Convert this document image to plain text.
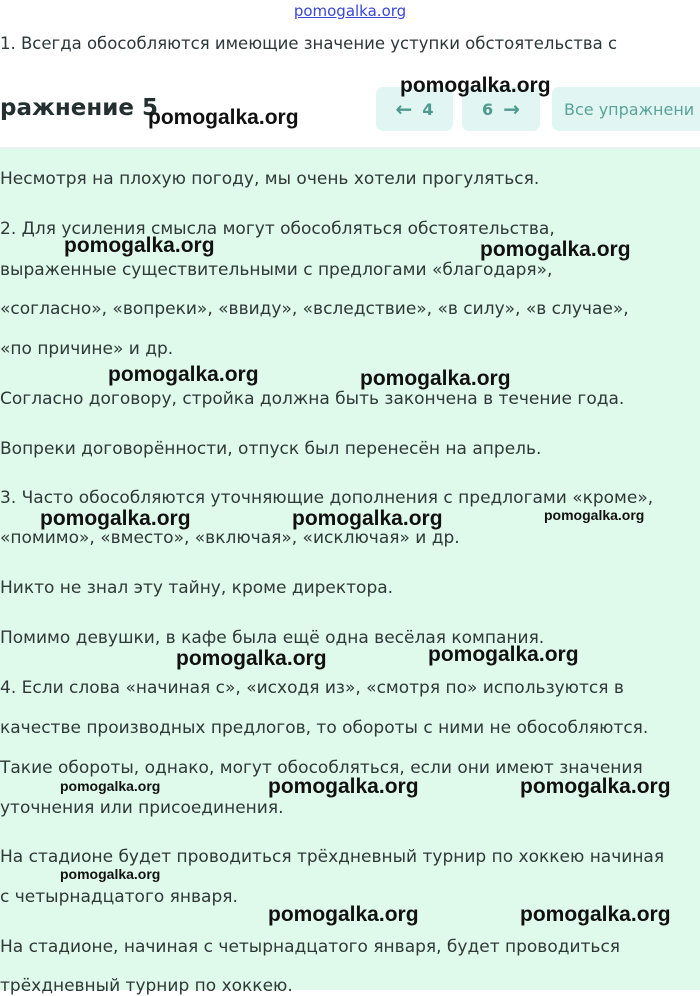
pomogalka.org
1. Всегда обособляются имеющие значение уступки обстоятельства с
ражнение 5	← 4	6 →	Все упражнени
Несмотря на плохую погоду, мы очень хотели прогуляться.
2. Для усиления смысла могут обособляться обстоятельства,
выраженные существительными с предлогами «благодаря»,
«согласно», «вопреки», «ввиду», «вследствие», «в силу», «в случае»,
«по причине» и др.
Согласно договору, стройка должна быть закончена в течение года.
Вопреки договорённости, отпуск был перенесён на апрель.
3. Часто обособляются уточняющие дополнения с предлогами «кроме»,
«помимо», «вместо», «включая», «исключая» и др.
Никто не знал эту тайну, кроме директора.
Помимо девушки, в кафе была ещё одна весёлая компания.
4. Если слова «начиная с», «исходя из», «смотря по» используются в
качестве производных предлогов, то обороты с ними не обособляются.
Такие обороты, однако, могут обособляться, если они имеют значения
уточнения или присоединения.
На стадионе будет проводиться трёхдневный турнир по хоккею начиная
с четырнадцатого января.
На стадионе, начиная с четырнадцатого января, будет проводиться
трёхдневный турнир по хоккею.
pomogalka.org
pomogalka.org
pomogalka.org	pomogalka.org
pomogalka.org	pomogalka.org
pomogalka.org	pomogalka.org	pomogalka.org
pomogalka.org	pomogalka.org
pomogalka.org	pomogalka.org	pomogalka.org
pomogalka.org
pomogalka.org	pomogalka.org
